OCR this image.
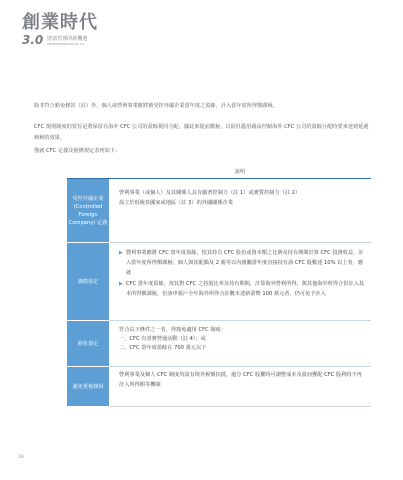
創業時代
3.0 財富管理的新機遇
ENTREPRENEURSHIP 3.0

除非符合豁免條款（註）外，個人或營利事業應將被受控外國企業當年度之盈餘，計入當年度所得額課稅。

CFC 規則制度的要旨是將保留在海外 CFC 公司的盈餘視同分配，據此來提前繳稅，以防杜濫用藉由控制海外 CFC 公司的盈餘分配時要來達到延遲納稅的效果。

僅就 CFC 定義及豁條規定表列如下：

	說明
受控外國企業 (Controlled Foreign Company) 定義	營利事業（或個人）及其關係人具有顯著控制力（註 1）或實質控制力（註 2）
設立於低稅負國家或地區（註 3）的外國關係企業

課徵規定	▶ 豐利事業應將 CFC 當年度盈餘，按其持有 CFC 股份或資本額之比例及持有期間計算 CFC 投資收益，計入當年度所得額課稅；個人與其配偶及 2 親等以內親屬當年度直接持有該 CFC 股數達 10% 以上者，應就
▶ CFC 當年度盈餘，按其對 CFC 之持股比率及持有期間，計算海外營利所得，與其他海外所得合併計入基本所得額課稅，但該申報戶全年海外所得合計數未達新臺幣 100 萬元者，仍可免予計入

豁免規定	符合以下條件之一者，得豁免適用 CFC 制度：
一、CFC 有當實營運活動（註 4）；或
二、CFC 當年度盈餘在 700 萬元以下

避免重複課稅	營利事業及個人 CFC 制度均設有境外稅額扣抵，處分 CFC 股權時可調整成本及盈而獲配 CFC 股利時不再計入所得額等機制
18
